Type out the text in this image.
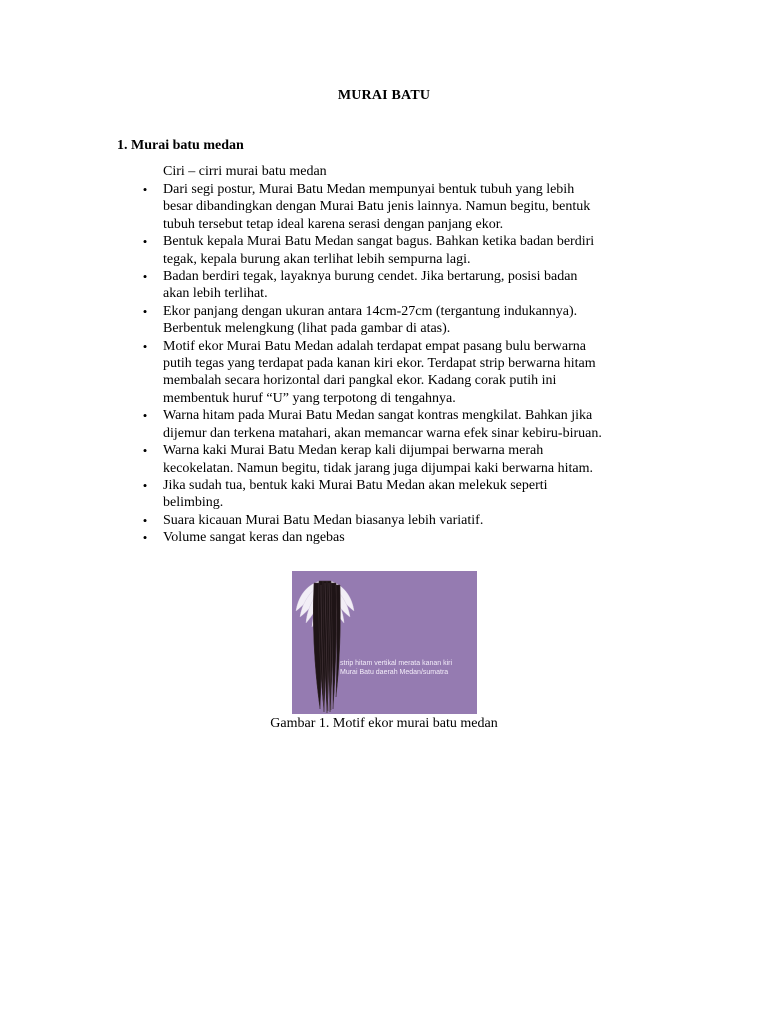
MURAI BATU
1. Murai batu medan
Ciri – cirri murai batu medan
• Dari segi postur, Murai Batu Medan mempunyai bentuk tubuh yang lebih
besar dibandingkan dengan Murai Batu jenis lainnya. Namun begitu, bentuk
tubuh tersebut tetap ideal karena serasi dengan panjang ekor.
• Bentuk kepala Murai Batu Medan sangat bagus. Bahkan ketika badan berdiri
tegak, kepala burung akan terlihat lebih sempurna lagi.
• Badan berdiri tegak, layaknya burung cendet. Jika bertarung, posisi badan
akan lebih terlihat.
• Ekor panjang dengan ukuran antara 14cm-27cm (tergantung indukannya).
Berbentuk melengkung (lihat pada gambar di atas).
• Motif ekor Murai Batu Medan adalah terdapat empat pasang bulu berwarna
putih tegas yang terdapat pada kanan kiri ekor. Terdapat strip berwarna hitam
membalah secara horizontal dari pangkal ekor. Kadang corak putih ini
membentuk huruf “U” yang terpotong di tengahnya.
• Warna hitam pada Murai Batu Medan sangat kontras mengkilat. Bahkan jika
dijemur dan terkena matahari, akan memancar warna efek sinar kebiru-biruan.
• Warna kaki Murai Batu Medan kerap kali dijumpai berwarna merah
kecokelatan. Namun begitu, tidak jarang juga dijumpai kaki berwarna hitam.
• Jika sudah tua, bentuk kaki Murai Batu Medan akan melekuk seperti
belimbing.
• Suara kicauan Murai Batu Medan biasanya lebih variatif.
• Volume sangat keras dan ngebas
strip hitam vertikal merata kanan kiri
Murai Batu daerah Medan/sumatra
Gambar 1. Motif ekor murai batu medan
